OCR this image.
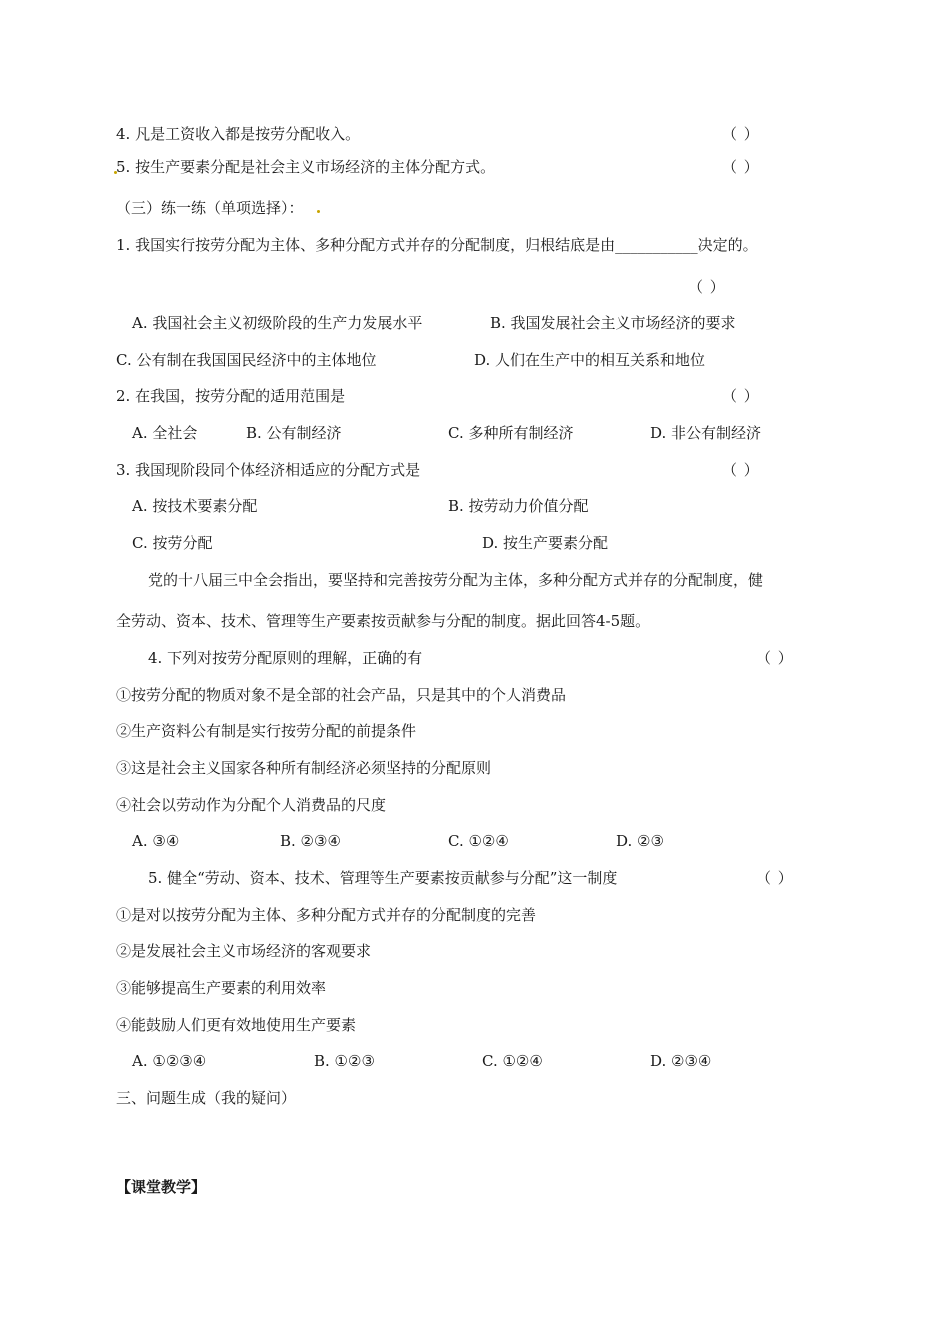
4. 凡是工资收入都是按劳分配收入。	（ ）
5. 按生产要素分配是社会主义市场经济的主体分配方式。	（ ）
（三）练一练（单项选择）：
1. 我国实行按劳分配为主体、多种分配方式并存的分配制度，归根结底是由___________决定的。
（ ）
A. 我国社会主义初级阶段的生产力发展水平	B. 我国发展社会主义市场经济的要求
C. 公有制在我国国民经济中的主体地位	D. 人们在生产中的相互关系和地位
2. 在我国，按劳分配的适用范围是	（ ）
A. 全社会	B. 公有制经济	C. 多种所有制经济	D. 非公有制经济
3. 我国现阶段同个体经济相适应的分配方式是	（ ）
A. 按技术要素分配	B. 按劳动力价值分配
C. 按劳分配	D. 按生产要素分配
党的十八届三中全会指出，要坚持和完善按劳分配为主体，多种分配方式并存的分配制度，健
全劳动、资本、技术、管理等生产要素按贡献参与分配的制度。据此回答4-5题。
4. 下列对按劳分配原则的理解，正确的有	（ ）
①按劳分配的物质对象不是全部的社会产品，只是其中的个人消费品
②生产资料公有制是实行按劳分配的前提条件
③这是社会主义国家各种所有制经济必须坚持的分配原则
④社会以劳动作为分配个人消费品的尺度
A. ③④	B. ②③④	C. ①②④	D. ②③
5. 健全“劳动、资本、技术、管理等生产要素按贡献参与分配”这一制度	（ ）
①是对以按劳分配为主体、多种分配方式并存的分配制度的完善
②是发展社会主义市场经济的客观要求
③能够提高生产要素的利用效率
④能鼓励人们更有效地使用生产要素
A. ①②③④	B. ①②③	C. ①②④	D. ②③④
三、问题生成（我的疑问）
【课堂教学】
